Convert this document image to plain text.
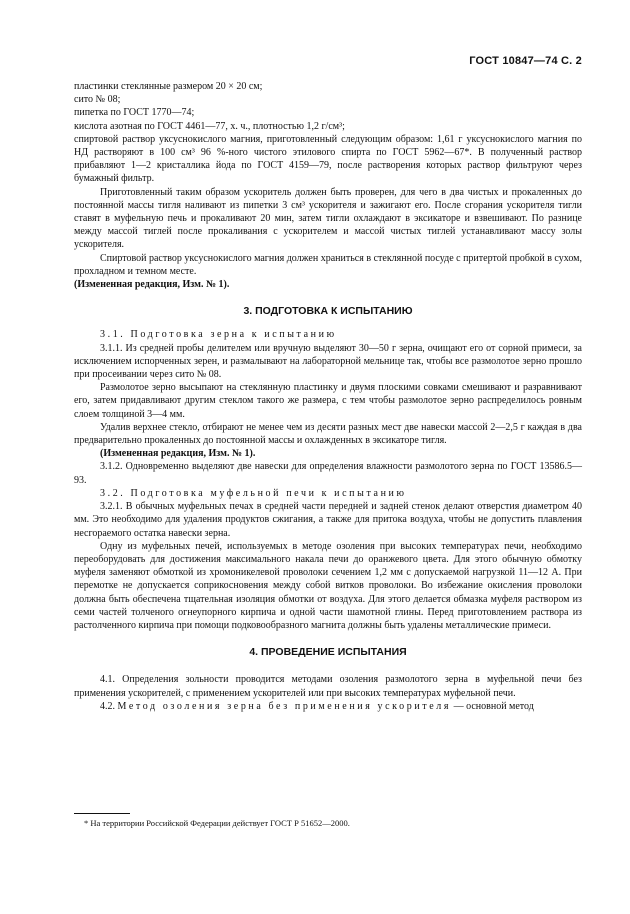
ГОСТ 10847—74 С. 2
пластинки стеклянные размером 20 × 20 см;
сито № 08;
пипетка по ГОСТ 1770—74;
кислота азотная по ГОСТ 4461—77, х. ч., плотностью 1,2 г/см³;

спиртовой раствор уксуснокислого магния, приготовленный следующим образом: 1,61 г уксуснокислого магния по НД растворяют в 100 см³ 96 %-ного чистого этилового спирта по ГОСТ 5962—67*. В полученный раствор прибавляют 1—2 кристаллика йода по ГОСТ 4159—79, после растворения которых раствор фильтруют через бумажный фильтр.

Приготовленный таким образом ускоритель должен быть проверен, для чего в два чистых и прокаленных до постоянной массы тигля наливают из пипетки 3 см³ ускорителя и зажигают его. После сгорания ускорителя тигли ставят в муфельную печь и прокаливают 20 мин, затем тигли охлаждают в эксикаторе и взвешивают. По разнице между массой тиглей после прокаливания с ускорителем и массой чистых тиглей устанавливают массу золы ускорителя.

Спиртовой раствор уксуснокислого магния должен храниться в стеклянной посуде с притертой пробкой в сухом, прохладном и темном месте.

(Измененная редакция, Изм. № 1).

3. ПОДГОТОВКА К ИСПЫТАНИЮ

3.1. Подготовка зерна к испытанию

3.1.1. Из средней пробы делителем или вручную выделяют 30—50 г зерна, очищают его от сорной примеси, за исключением испорченных зерен, и размалывают на лабораторной мельнице так, чтобы все размолотое зерно прошло при просеивании через сито № 08.

Размолотое зерно высыпают на стеклянную пластинку и двумя плоскими совками смешивают и разравнивают его, затем придавливают другим стеклом такого же размера, с тем чтобы размолотое зерно распределилось ровным слоем толщиной 3—4 мм.

Удалив верхнее стекло, отбирают не менее чем из десяти разных мест две навески массой 2—2,5 г каждая в два предварительно прокаленных до постоянной массы и охлажденных в эксикаторе тигля.

(Измененная редакция, Изм. № 1).

3.1.2. Одновременно выделяют две навески для определения влажности размолотого зерна по ГОСТ 13586.5—93.

3.2. Подготовка муфельной печи к испытанию

3.2.1. В обычных муфельных печах в средней части передней и задней стенок делают отверстия диаметром 40 мм. Это необходимо для удаления продуктов сжигания, а также для притока воздуха, чтобы не допустить плавления несгораемого остатка навески зерна.

Одну из муфельных печей, используемых в методе озоления при высоких температурах печи, необходимо переоборудовать для достижения максимального накала печи до оранжевого цвета. Для этого обычную обмотку муфеля заменяют обмоткой из хромоникелевой проволоки сечением 1,2 мм с допускаемой нагрузкой 11—12 А. При перемотке не допускается соприкосновения между собой витков проволоки. Во избежание окисления проволоки должна быть обеспечена тщательная изоляция обмотки от воздуха. Для этого делается обмазка муфеля раствором из семи частей толченого огнеупорного кирпича и одной части шамотной глины. Перед приготовлением раствора из растолченного кирпича при помощи подковообразного магнита должны быть удалены металлические примеси.

4. ПРОВЕДЕНИЕ ИСПЫТАНИЯ

4.1. Определения зольности проводится методами озоления размолотого зерна в муфельной печи без применения ускорителей, с применением ускорителей или при высоких температурах муфельной печи.

4.2. Метод озоления зерна без применения ускорителя — основной метод

* На территории Российской Федерации действует ГОСТ Р 51652—2000.
